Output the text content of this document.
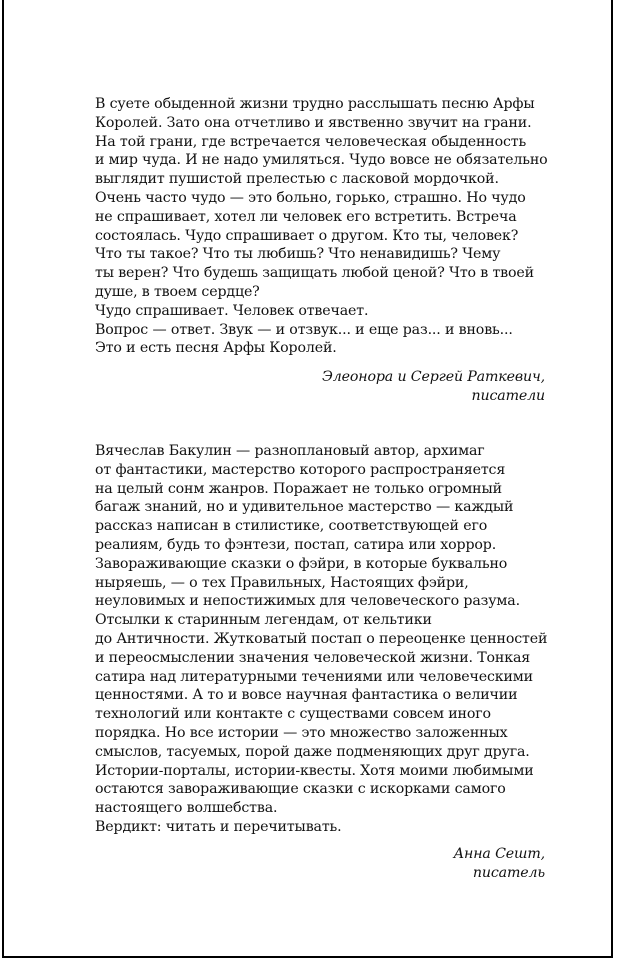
В суете обыденной жизни трудно расслышать песню Арфы
Королей. Зато она отчетливо и явственно звучит на грани.
На той грани, где встречается человеческая обыденность
и мир чуда. И не надо умиляться. Чудо вовсе не обязательно
выглядит пушистой прелестью с ласковой мордочкой.
Очень часто чудо — это больно, горько, страшно. Но чудо
не спрашивает, хотел ли человек его встретить. Встреча
состоялась. Чудо спрашивает о другом. Кто ты, человек?
Что ты такое? Что ты любишь? Что ненавидишь? Чему
ты верен? Что будешь защищать любой ценой? Что в твоей
душе, в твоем сердце?
Чудо спрашивает. Человек отвечает.
Вопрос — ответ. Звук — и отзвук... и еще раз... и вновь...
Это и есть песня Арфы Королей.
Элеонора и Сергей Раткевич,
писатели
Вячеслав Бакулин — разноплановый автор, архимаг
от фантастики, мастерство которого распространяется
на целый сонм жанров. Поражает не только огромный
багаж знаний, но и удивительное мастерство — каждый
рассказ написан в стилистике, соответствующей его
реалиям, будь то фэнтези, постап, сатира или хоррор.
Завораживающие сказки о фэйри, в которые буквально
ныряешь, — о тех Правильных, Настоящих фэйри,
неуловимых и непостижимых для человеческого разума.
Отсылки к старинным легендам, от кельтики
до Античности. Жутковатый постап о переоценке ценностей
и переосмыслении значения человеческой жизни. Тонкая
сатира над литературными течениями или человеческими
ценностями. А то и вовсе научная фантастика о величии
технологий или контакте с существами совсем иного
порядка. Но все истории — это множество заложенных
смыслов, тасуемых, порой даже подменяющих друг друга.
Истории-порталы, истории-квесты. Хотя моими любимыми
остаются завораживающие сказки с искорками самого
настоящего волшебства.
Вердикт: читать и перечитывать.
Анна Сешт,
писатель
